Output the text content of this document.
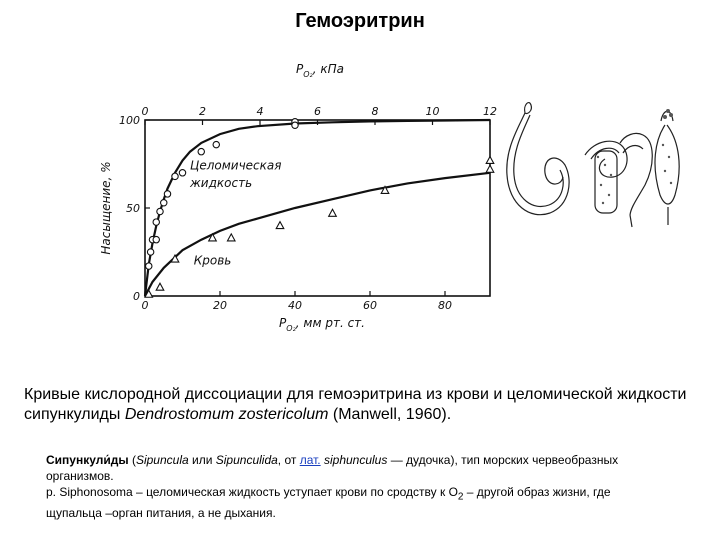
Гемоэритрин
0	20	40	60	80
0	2	4	6	8	10	12
0
50
100
$P_{O_2}$, кПа
$P_{O_2}$, мм рт. ст.
Насыщение, %	Целомическая
жидкость
Кровь
Кривые кислородной диссоциации для гемоэритрина из крови и целомической жидкости сипункулиды Dendrostomum zostericolum (Manwell, 1960).
Сипункули́ды (Sipuncula или Sipunculida, от лат. siphunculus — дудочка), тип морских червеобразных организмов.
р. Siphonosoma – целомическая жидкость уступает крови по сродству к $O_2$ – другой образ жизни, где щупальца –орган питания, а не дыхания.
